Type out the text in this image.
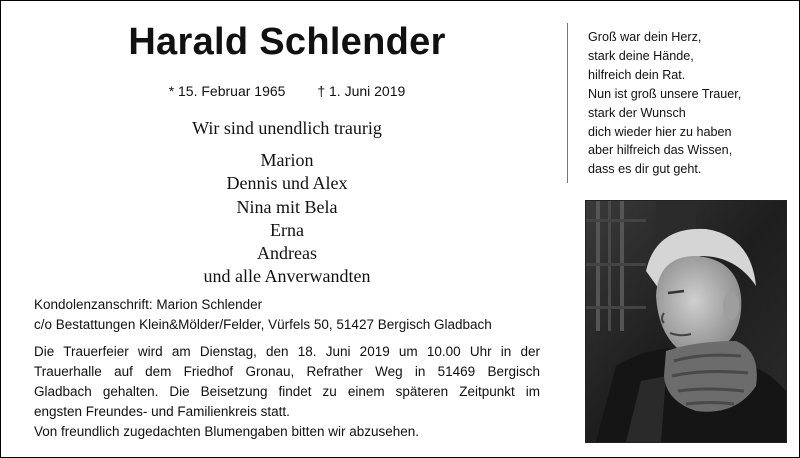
Harald Schlender
* 15. Februar 1965 † 1. Juni 2019
Wir sind unendlich traurig
Marion
Dennis und Alex
Nina mit Bela
Erna
Andreas
und alle Anverwandten
Kondolenzanschrift: Marion Schlender
c/o Bestattungen Klein&Mölder/Felder, Vürfels 50, 51427 Bergisch Gladbach
Die Trauerfeier wird am Dienstag, den 18. Juni 2019 um 10.00 Uhr in der
Trauerhalle auf dem Friedhof Gronau, Refrather Weg in 51469 Bergisch
Gladbach gehalten. Die Beisetzung findet zu einem späteren Zeitpunkt im
engsten Freundes- und Familienkreis statt.
Von freundlich zugedachten Blumengaben bitten wir abzusehen.
Groß war dein Herz,
stark deine Hände,
hilfreich dein Rat.
Nun ist groß unsere Trauer,
stark der Wunsch
dich wieder hier zu haben
aber hilfreich das Wissen,
dass es dir gut geht.
